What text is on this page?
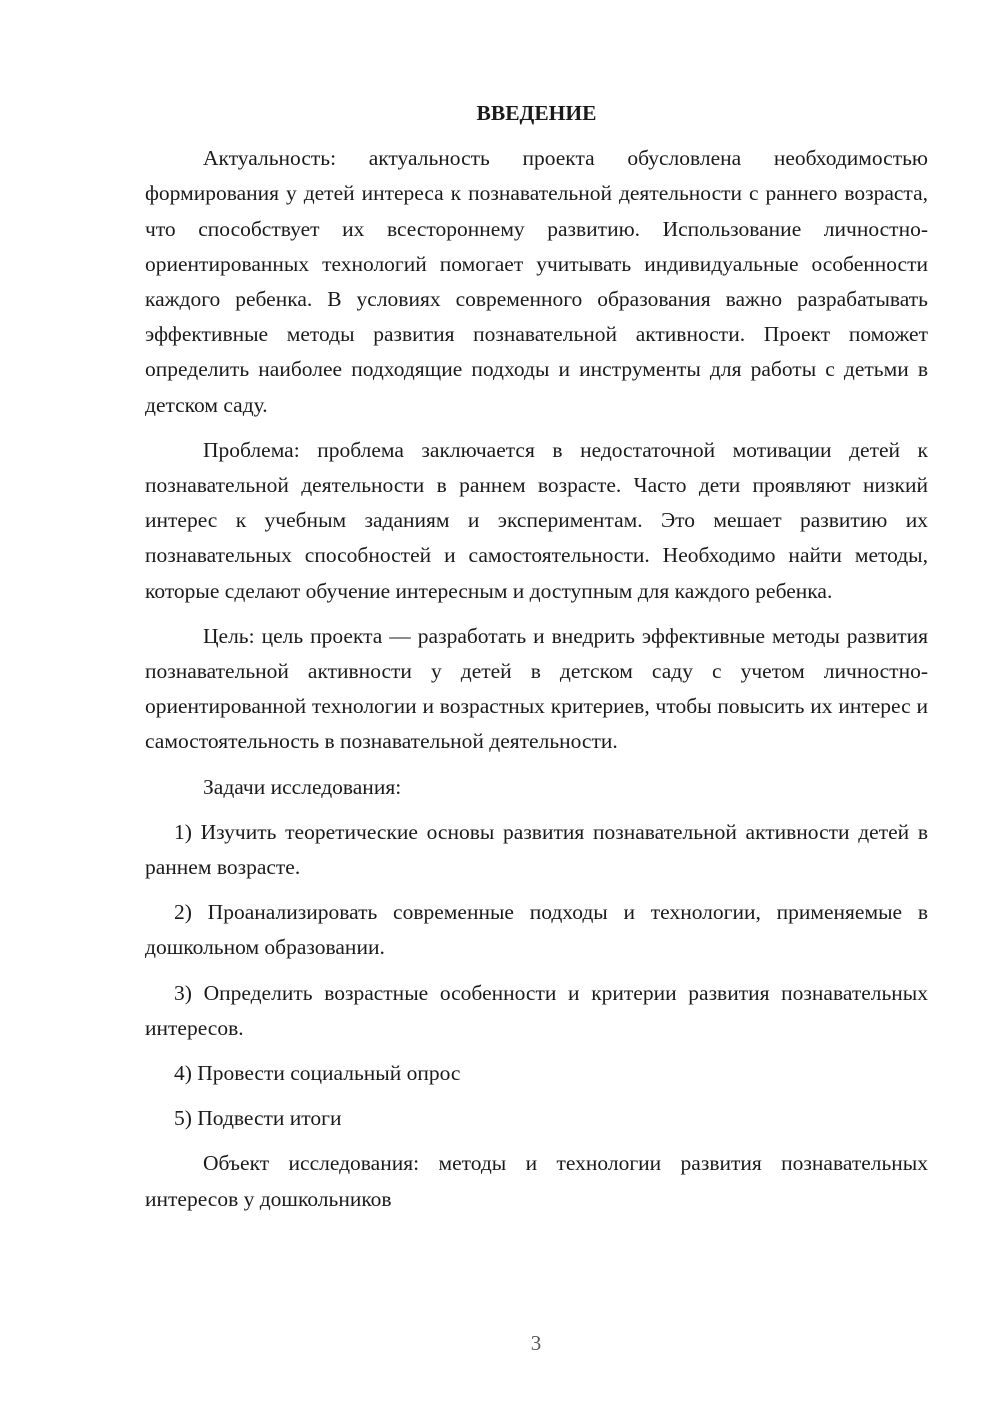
ВВЕДЕНИЕ

Актуальность: актуальность проекта обусловлена необходимостью формирования у детей интереса к познавательной деятельности с раннего возраста, что способствует их всестороннему развитию. Использование личностно-ориентированных технологий помогает учитывать индивидуальные особенности каждого ребенка. В условиях современного образования важно разрабатывать эффективные методы развития познавательной активности. Проект поможет определить наиболее подходящие подходы и инструменты для работы с детьми в детском саду.

Проблема: проблема заключается в недостаточной мотивации детей к познавательной деятельности в раннем возрасте. Часто дети проявляют низкий интерес к учебным заданиям и экспериментам. Это мешает развитию их познавательных способностей и самостоятельности. Необходимо найти методы, которые сделают обучение интересным и доступным для каждого ребенка.

Цель: цель проекта — разработать и внедрить эффективные методы развития познавательной активности у детей в детском саду с учетом личностно-ориентированной технологии и возрастных критериев, чтобы повысить их интерес и самостоятельность в познавательной деятельности.

Задачи исследования:

1) Изучить теоретические основы развития познавательной активности детей в раннем возрасте.

2) Проанализировать современные подходы и технологии, применяемые в дошкольном образовании.

3) Определить возрастные особенности и критерии развития познавательных интересов.

4) Провести социальный опрос

5) Подвести итоги

Объект исследования: методы и технологии развития познавательных интересов у дошкольников

3
